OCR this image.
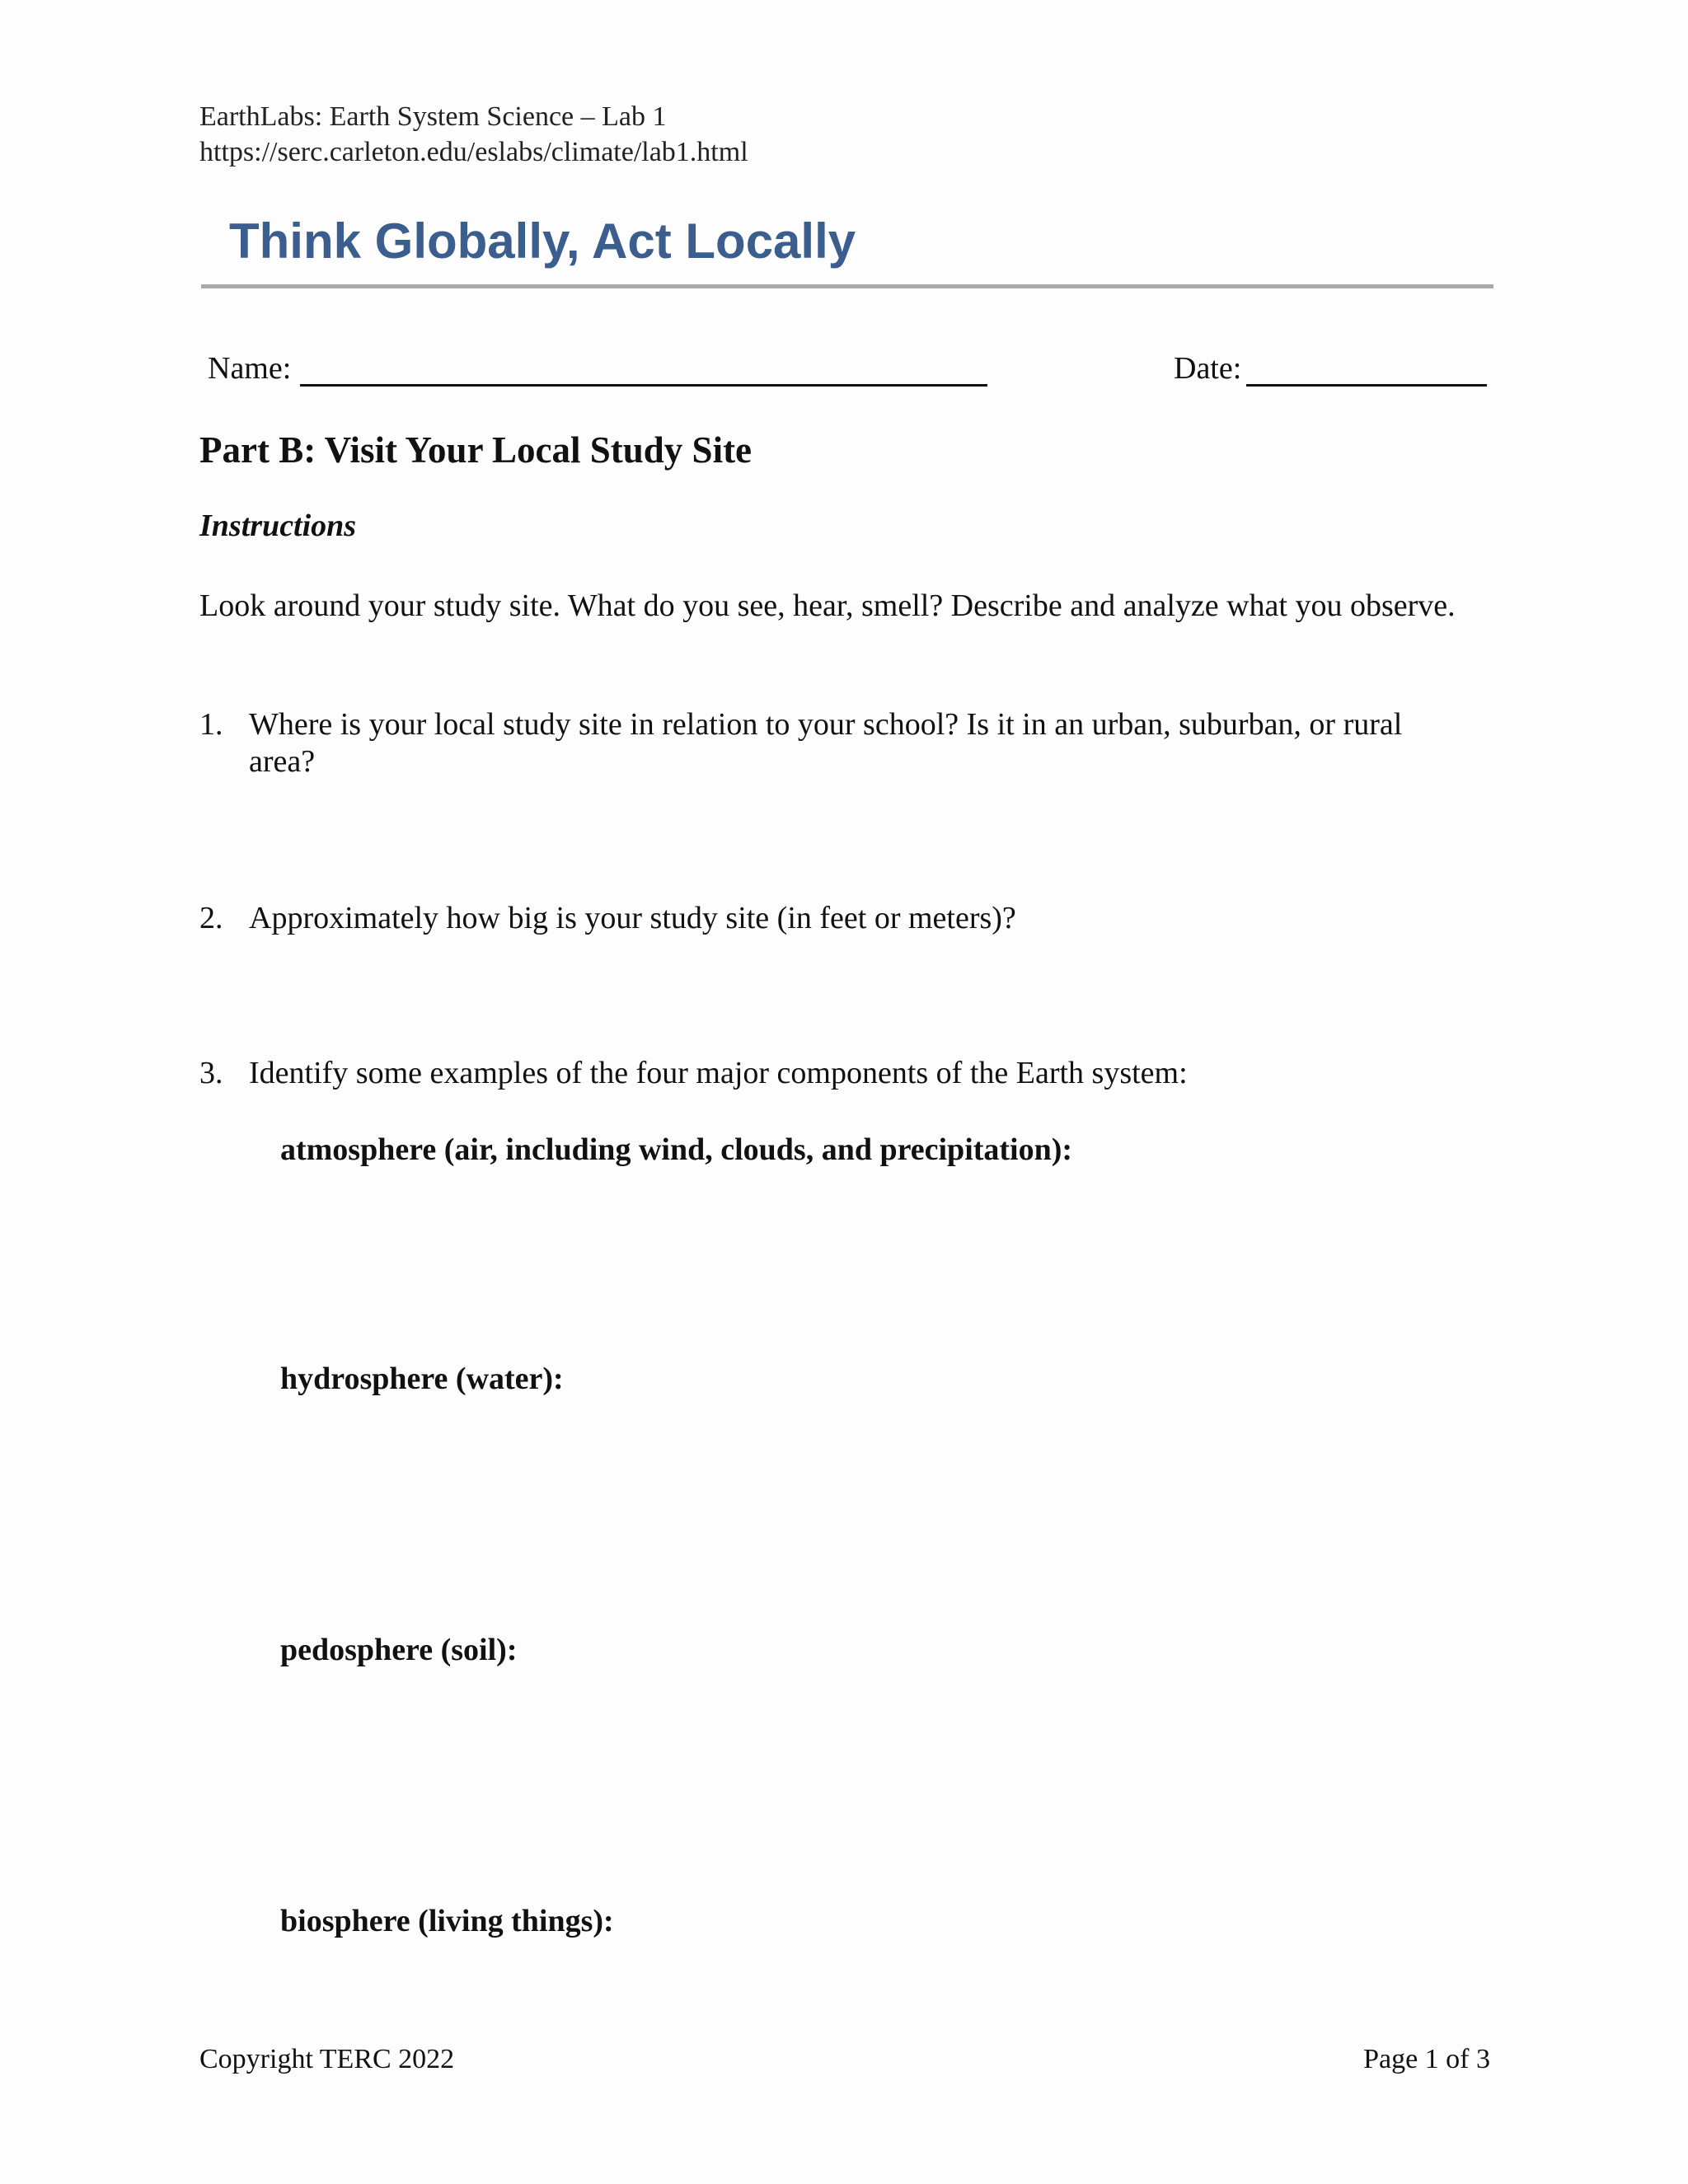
EarthLabs: Earth System Science – Lab 1
https://serc.carleton.edu/eslabs/climate/lab1.html
Think Globally, Act Locally
Name:	Date:
Part B: Visit Your Local Study Site
Instructions
Look around your study site. What do you see, hear, smell? Describe and analyze what you observe.
1. Where is your local study site in relation to your school? Is it in an urban, suburban, or rural area?
2. Approximately how big is your study site (in feet or meters)?
3. Identify some examples of the four major components of the Earth system:
atmosphere (air, including wind, clouds, and precipitation):
hydrosphere (water):
pedosphere (soil):
biosphere (living things):
Copyright TERC 2022	Page 1 of 3
